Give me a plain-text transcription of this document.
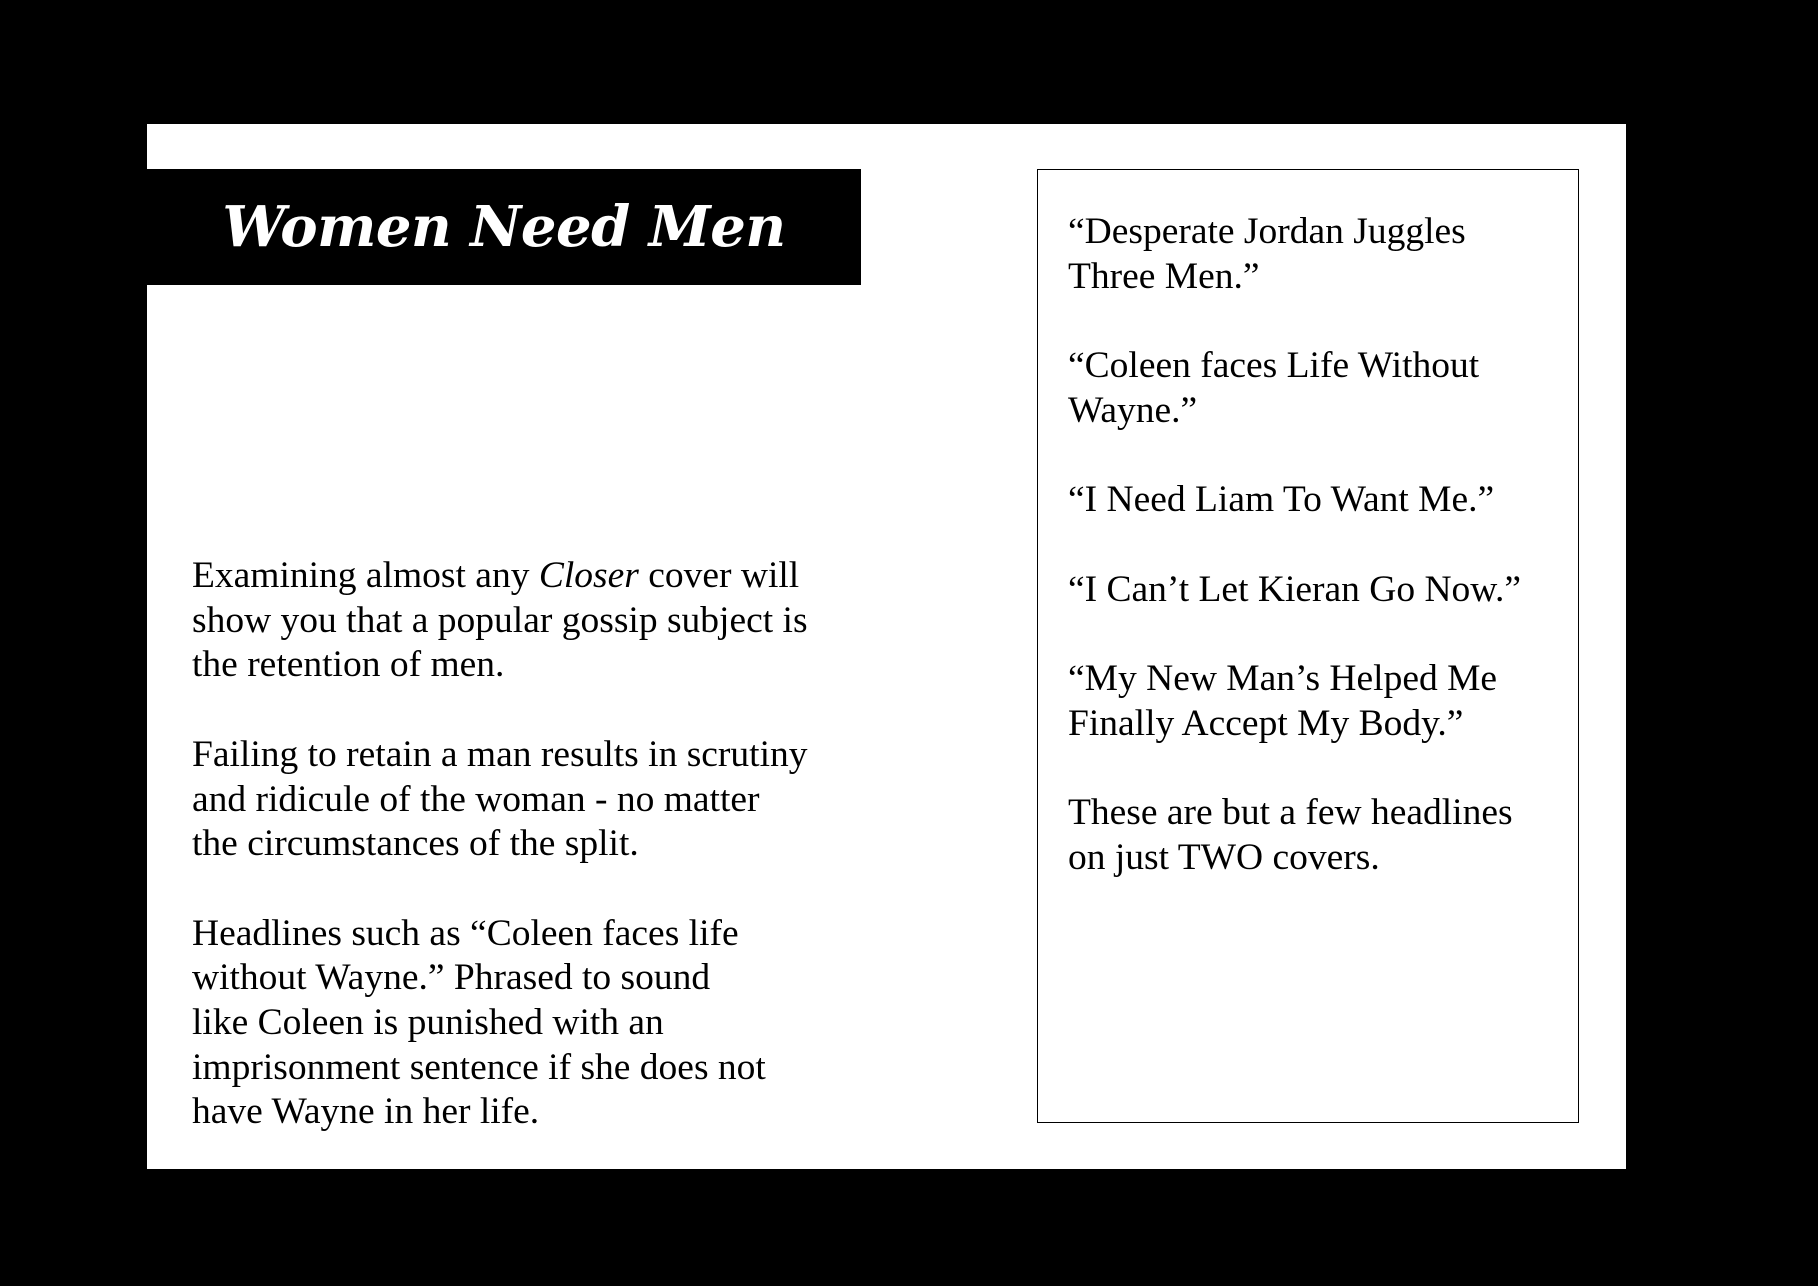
Women Need Men

Examining almost any Closer cover will
show you that a popular gossip subject is
the retention of men.

Failing to retain a man results in scrutiny
and ridicule of the woman - no matter
the circumstances of the split.

Headlines such as “Coleen faces life
without Wayne.” Phrased to sound
like Coleen is punished with an
imprisonment sentence if she does not
have Wayne in her life.

“Desperate Jordan Juggles
Three Men.”

“Coleen faces Life Without
Wayne.”

“I Need Liam To Want Me.”

“I Can’t Let Kieran Go Now.”

“My New Man’s Helped Me
Finally Accept My Body.”

These are but a few headlines
on just TWO covers.
